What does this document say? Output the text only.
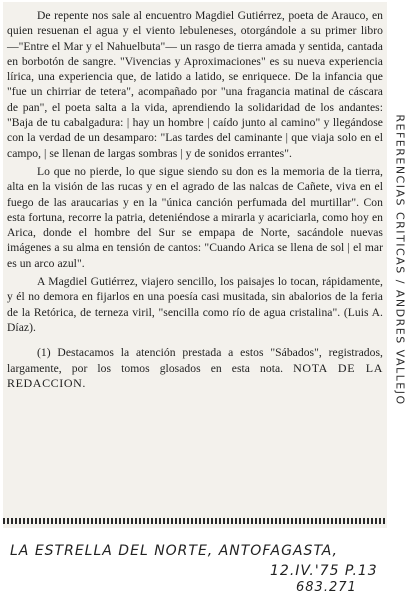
De repente nos sale al encuentro Magdiel Gutiérrez, poeta de Arauco, en quien resuenan el agua y el viento lebuleneses, otorgándole a su primer libro —"Entre el Mar y el Nahuelbuta"— un rasgo de tierra amada y sentida, cantada en borbotón de sangre. "Vivencias y Aproximaciones" es su nueva experiencia lírica, una experiencia que, de latido a latido, se enriquece. De la infancia que "fue un chirriar de tetera", acompañado por "una fragancia matinal de cáscara de pan", el poeta salta a la vida, aprendiendo la solidaridad de los andantes: "Baja de tu cabalgadura: | hay un hombre | caído junto al camino" y llegándose con la verdad de un desamparo: "Las tardes del caminante | que viaja solo en el campo, | se llenan de largas sombras | y de sonidos errantes".

Lo que no pierde, lo que sigue siendo su don es la memoria de la tierra, alta en la visión de las rucas y en el agrado de las nalcas de Cañete, viva en el fuego de las araucarias y en la "única canción perfumada del murtillar". Con esta fortuna, recorre la patria, deteniéndose a mirarla y acariciarla, como hoy en Arica, donde el hombre del Sur se empapa de Norte, sacándole nuevas imágenes a su alma en tensión de cantos: "Cuando Arica se llena de sol | el mar es un arco azul".

A Magdiel Gutiérrez, viajero sencillo, los paisajes lo tocan, rápidamente, y él no demora en fijarlos en una poesía casi musitada, sin abalorios de la feria de la Retórica, de terneza viril, "sencilla como río de agua cristalina". (Luis A. Díaz).

(1) Destacamos la atención prestada a estos "Sábados", registrados, largamente, por los tomos glosados en esta nota. NOTA DE LA REDACCION.	REFERENCIAS CRITICAS / ANDRES VALLEJO
LA ESTRELLA DEL NORTE, ANTOFAGASTA,
12.IV.'75 P.13
683.271
